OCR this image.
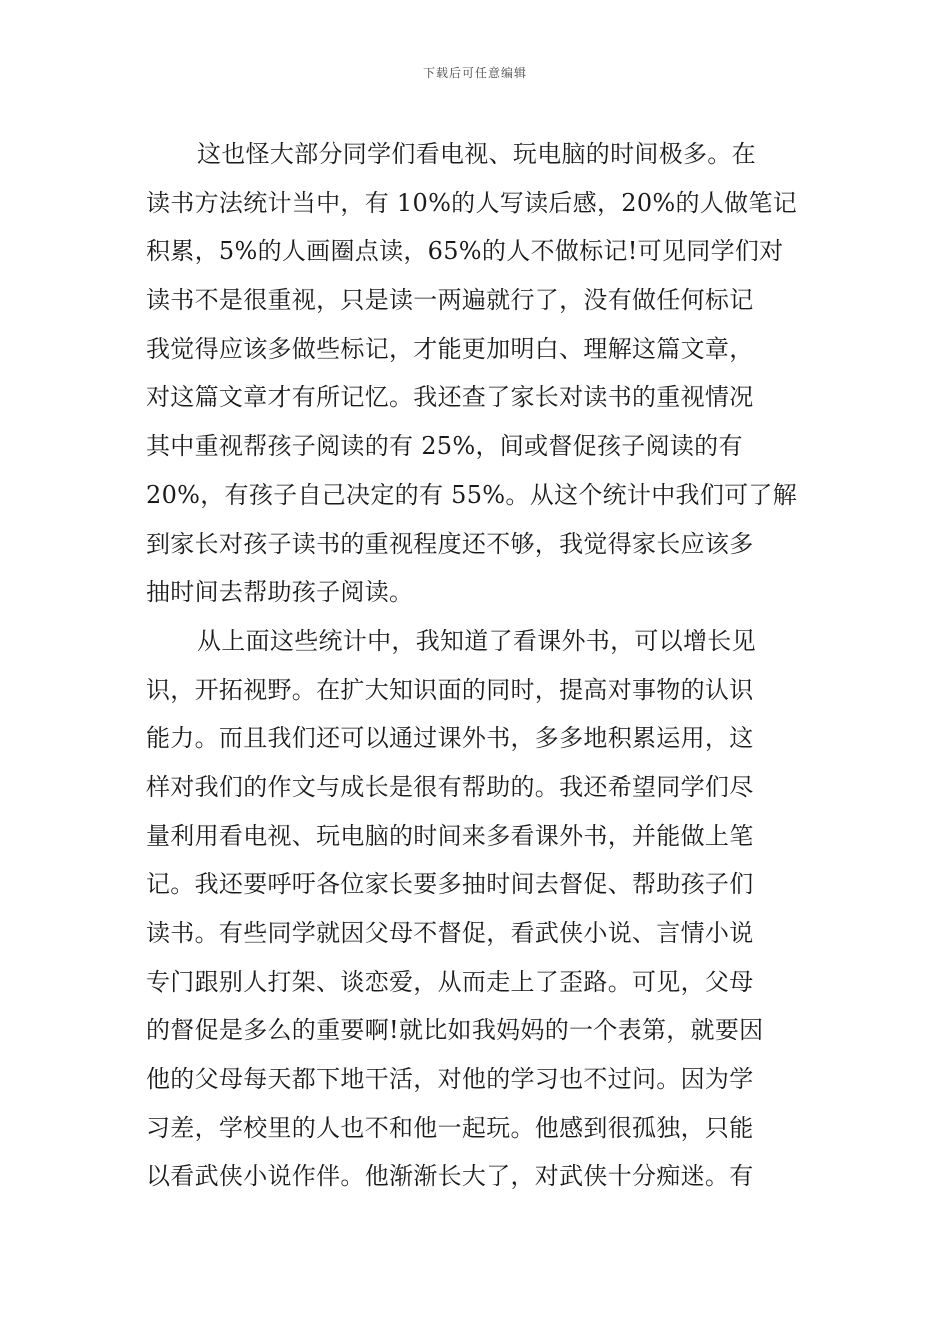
下载后可任意编辑
这也怪大部分同学们看电视、玩电脑的时间极多。在
读书方法统计当中，有 10%的人写读后感，20%的人做笔记
积累，5%的人画圈点读，65%的人不做标记!可见同学们对
读书不是很重视，只是读一两遍就行了，没有做任何标记
我觉得应该多做些标记，才能更加明白、理解这篇文章，
对这篇文章才有所记忆。我还查了家长对读书的重视情况
其中重视帮孩子阅读的有 25%，间或督促孩子阅读的有
20%，有孩子自己决定的有 55%。从这个统计中我们可了解
到家长对孩子读书的重视程度还不够，我觉得家长应该多
抽时间去帮助孩子阅读。
从上面这些统计中，我知道了看课外书，可以增长见
识，开拓视野。在扩大知识面的同时，提高对事物的认识
能力。而且我们还可以通过课外书，多多地积累运用，这
样对我们的作文与成长是很有帮助的。我还希望同学们尽
量利用看电视、玩电脑的时间来多看课外书，并能做上笔
记。我还要呼吁各位家长要多抽时间去督促、帮助孩子们
读书。有些同学就因父母不督促，看武侠小说、言情小说
专门跟别人打架、谈恋爱，从而走上了歪路。可见，父母
的督促是多么的重要啊!就比如我妈妈的一个表第，就要因
他的父母每天都下地干活，对他的学习也不过问。因为学
习差，学校里的人也不和他一起玩。他感到很孤独，只能
以看武侠小说作伴。他渐渐长大了，对武侠十分痴迷。有
